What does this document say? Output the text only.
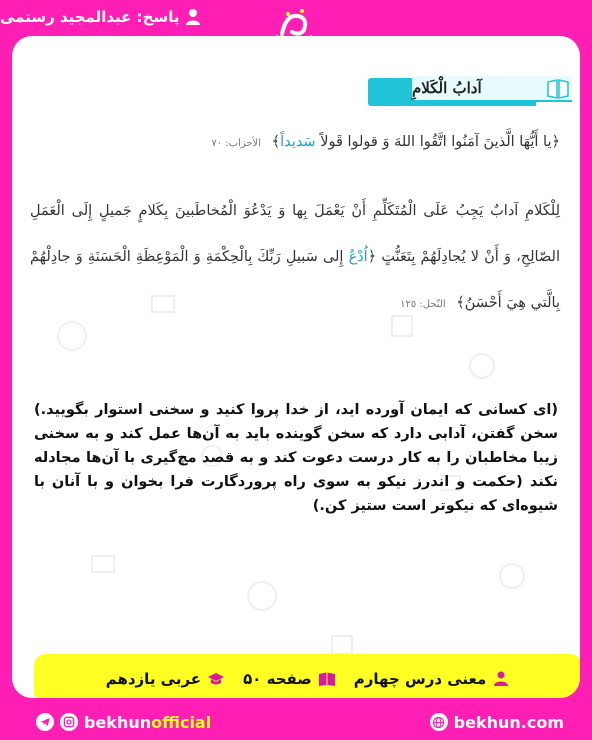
پاسخ: عبدالمجید رستمی
آدابُ الْكَلامِ
﴿یا أَیُّهَا الَّذینَ آمَنُوا اتَّقُوا اللهَ وَ قولوا قَولاً سَدیداً﴾ الأحزاب: ٧٠
لِلْكَلامِ آدابٌ یَجِبُ عَلَى الْمُتَكَلِّمِ أَنْ یَعْمَلَ بِها وَ یَدْعُوَ الْمُخاطَبینَ بِكَلامٍ جَمیلٍ إِلَى الْعَمَلِ الصّالِحِ، وَ أَنْ لا یُجادِلَهُمْ بِتَعَنُّتٍ ﴿اُدْعُ إِلى سَبیلِ رَبِّكَ بِالْحِكْمَةِ وَ الْمَوْعِظَةِ الْحَسَنَةِ وَ جادِلْهُمْ بِالَّتي هِيَ أَحْسَنُ﴾ النّحل: ١٢٥
(ای کسانی که ایمان آورده اید، از خدا پروا کنید و سخنی استوار بگویید.) سخن گفتن، آدابی دارد که سخن گوینده باید به آن‌ها عمل کند و به سخنی زیبا مخاطبان را به کار درست دعوت کند و به قصد مچ‌گیری با آن‌ها مجادله نکند (حکمت و اندرز نیکو به سوی راه پروردگارت فرا بخوان و با آنان با شیوه‌ای که نیکوتر است ستیز کن.)
معنی درس چهارم
صفحه ۵۰
عربی یازدهم
bekhun official	bekhun.com
